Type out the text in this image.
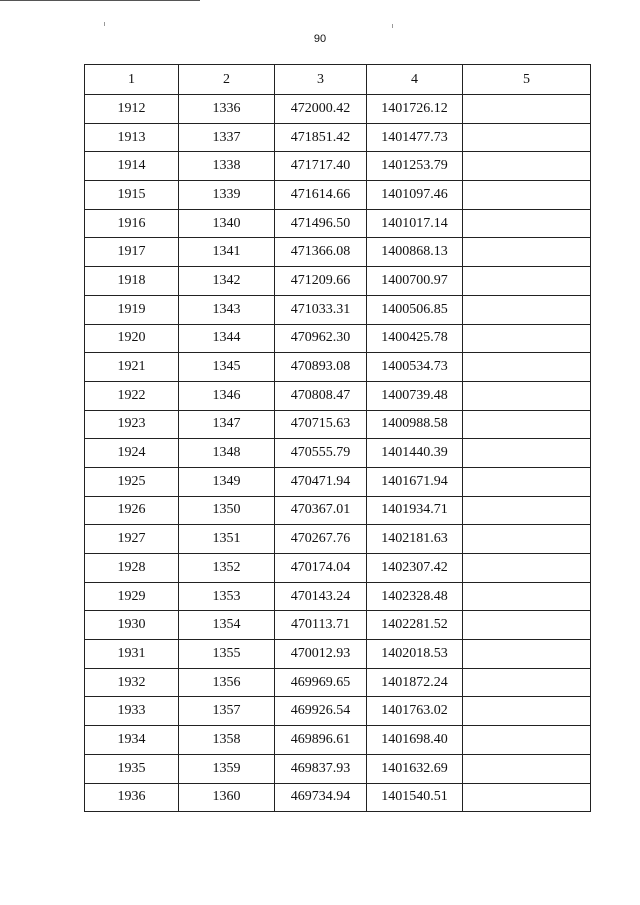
90
1	2	3	4	5
1912	1336	472000.42	1401726.12	
1913	1337	471851.42	1401477.73	
1914	1338	471717.40	1401253.79	
1915	1339	471614.66	1401097.46	
1916	1340	471496.50	1401017.14	
1917	1341	471366.08	1400868.13	
1918	1342	471209.66	1400700.97	
1919	1343	471033.31	1400506.85	
1920	1344	470962.30	1400425.78	
1921	1345	470893.08	1400534.73	
1922	1346	470808.47	1400739.48	
1923	1347	470715.63	1400988.58	
1924	1348	470555.79	1401440.39	
1925	1349	470471.94	1401671.94	
1926	1350	470367.01	1401934.71	
1927	1351	470267.76	1402181.63	
1928	1352	470174.04	1402307.42	
1929	1353	470143.24	1402328.48	
1930	1354	470113.71	1402281.52	
1931	1355	470012.93	1402018.53	
1932	1356	469969.65	1401872.24	
1933	1357	469926.54	1401763.02	
1934	1358	469896.61	1401698.40	
1935	1359	469837.93	1401632.69	
1936	1360	469734.94	1401540.51	
